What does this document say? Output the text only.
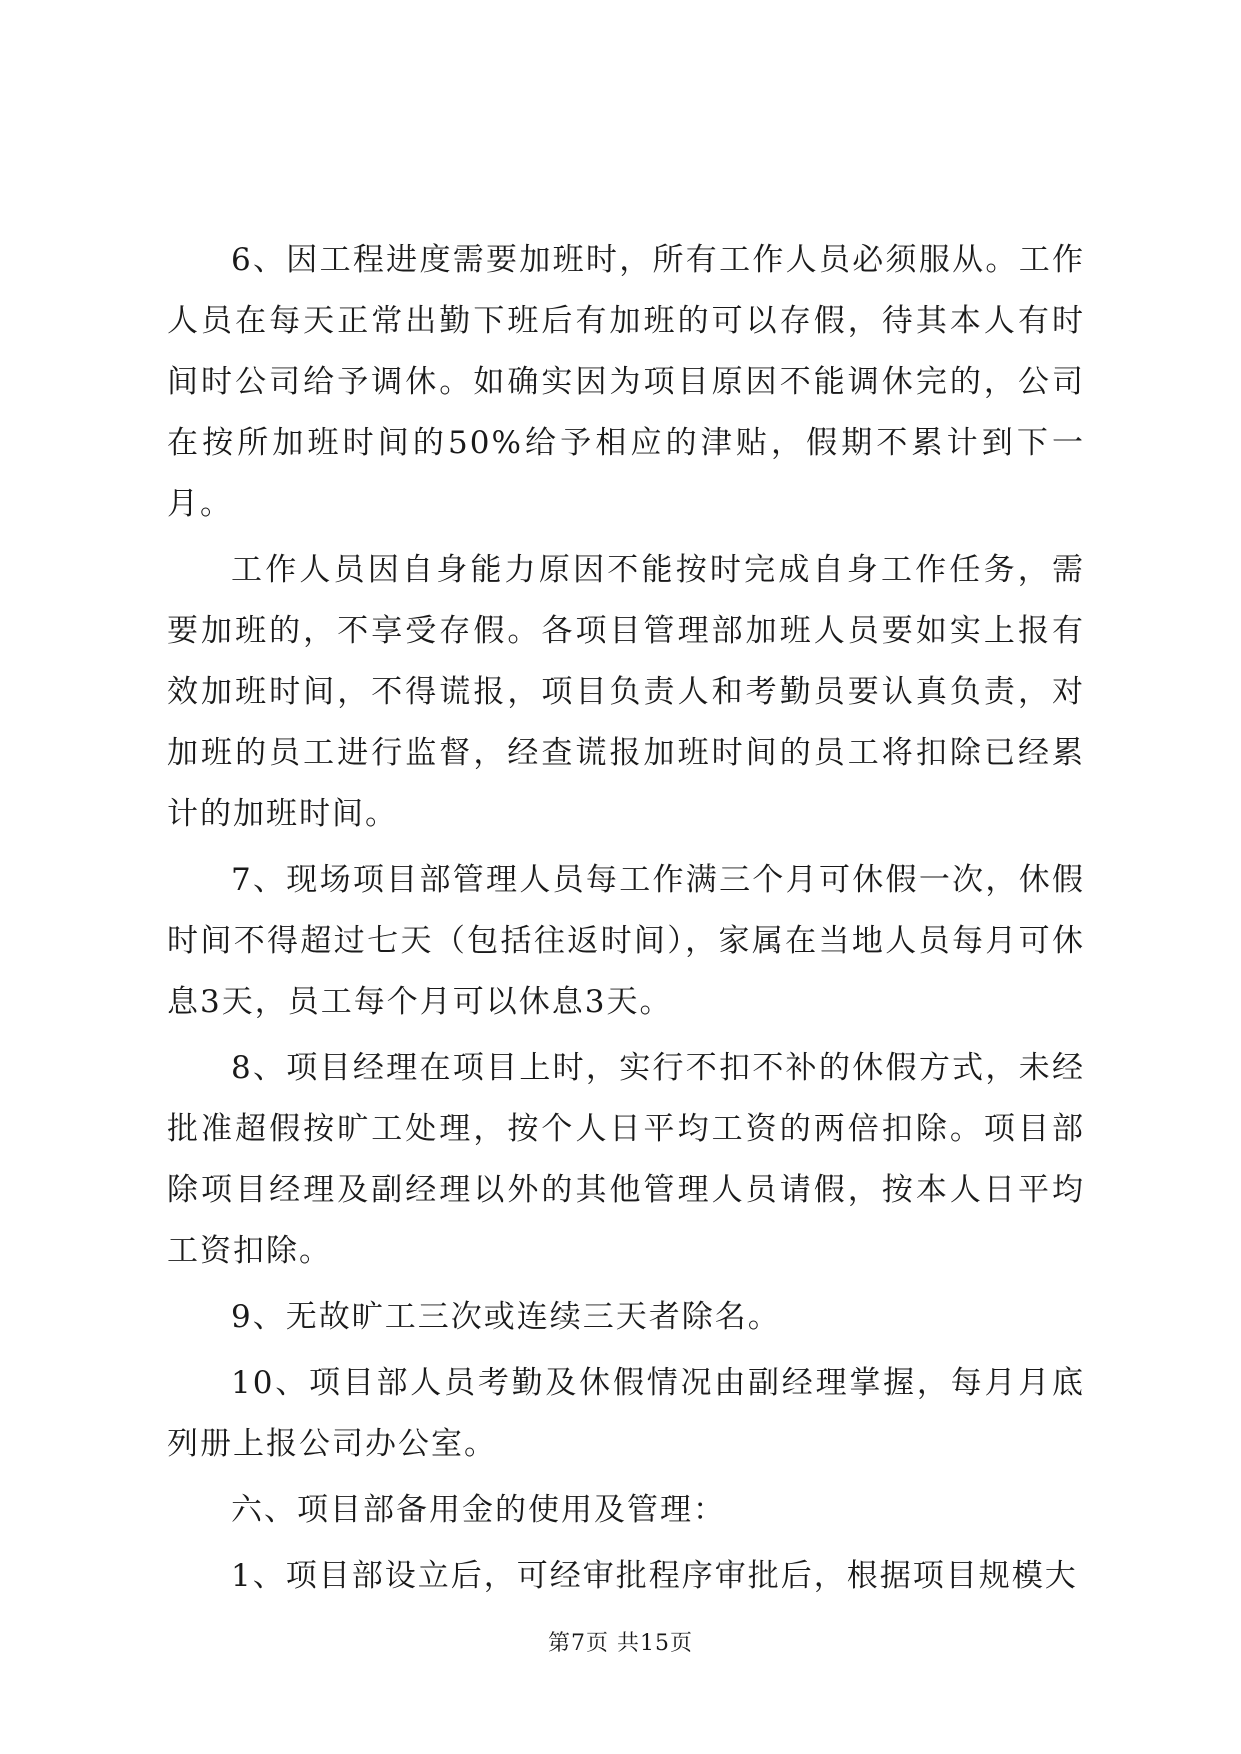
6、因工程进度需要加班时，所有工作人员必须服从。工作人员在每天正常出勤下班后有加班的可以存假，待其本人有时间时公司给予调休。如确实因为项目原因不能调休完的，公司在按所加班时间的50%给予相应的津贴，假期不累计到下一月。

工作人员因自身能力原因不能按时完成自身工作任务，需要加班的，不享受存假。各项目管理部加班人员要如实上报有效加班时间，不得谎报，项目负责人和考勤员要认真负责，对加班的员工进行监督，经查谎报加班时间的员工将扣除已经累计的加班时间。

7、现场项目部管理人员每工作满三个月可休假一次，休假时间不得超过七天（包括往返时间），家属在当地人员每月可休息3天，员工每个月可以休息3天。

8、项目经理在项目上时，实行不扣不补的休假方式，未经批准超假按旷工处理，按个人日平均工资的两倍扣除。项目部除项目经理及副经理以外的其他管理人员请假，按本人日平均工资扣除。

9、无故旷工三次或连续三天者除名。

10、项目部人员考勤及休假情况由副经理掌握，每月月底列册上报公司办公室。

六、项目部备用金的使用及管理：

1、项目部设立后，可经审批程序审批后，根据项目规模大

第7页 共15页
